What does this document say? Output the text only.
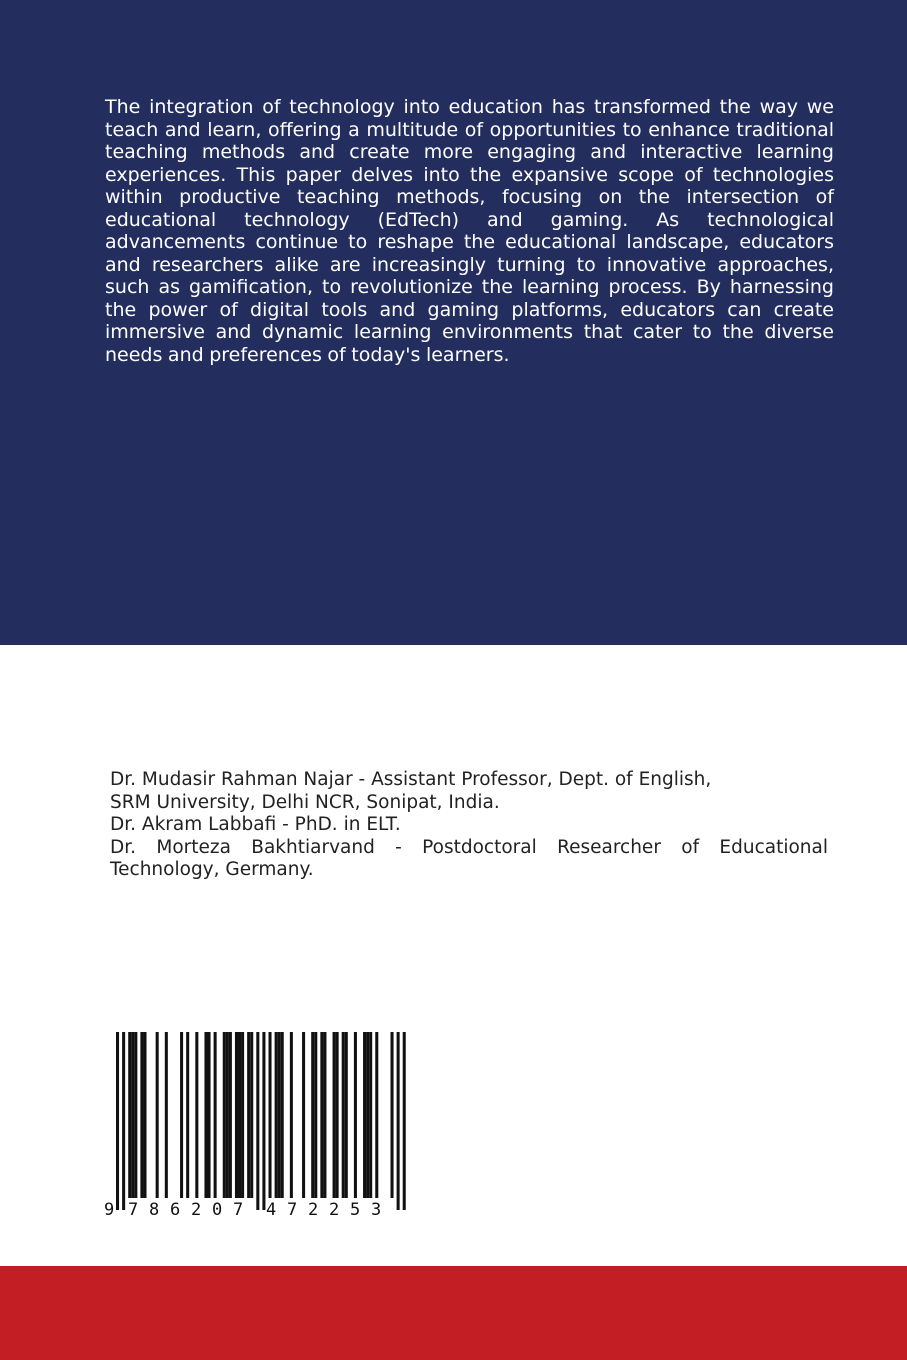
The integration of technology into education has transformed the way we teach and learn, offering a multitude of opportunities to enhance traditional teaching methods and create more engaging and interactive learning experiences. This paper delves into the expansive scope of technologies within productive teaching methods, focusing on the intersection of educational technology (EdTech) and gaming. As technological advancements continue to reshape the educational landscape, educators and researchers alike are increasingly turning to innovative approaches, such as gamification, to revolutionize the learning process. By harnessing the power of digital tools and gaming platforms, educators can create immersive and dynamic learning environments that cater to the diverse needs and preferences of today's learners.

Dr. Mudasir Rahman Najar - Assistant Professor, Dept. of English,
SRM University, Delhi NCR, Sonipat, India.
Dr. Akram Labbafi - PhD. in ELT.
Dr. Morteza Bakhtiarvand - Postdoctoral Researcher of Educational Technology, Germany.
9 7 8 6 2 0 7 4 7 2 2 5 3
